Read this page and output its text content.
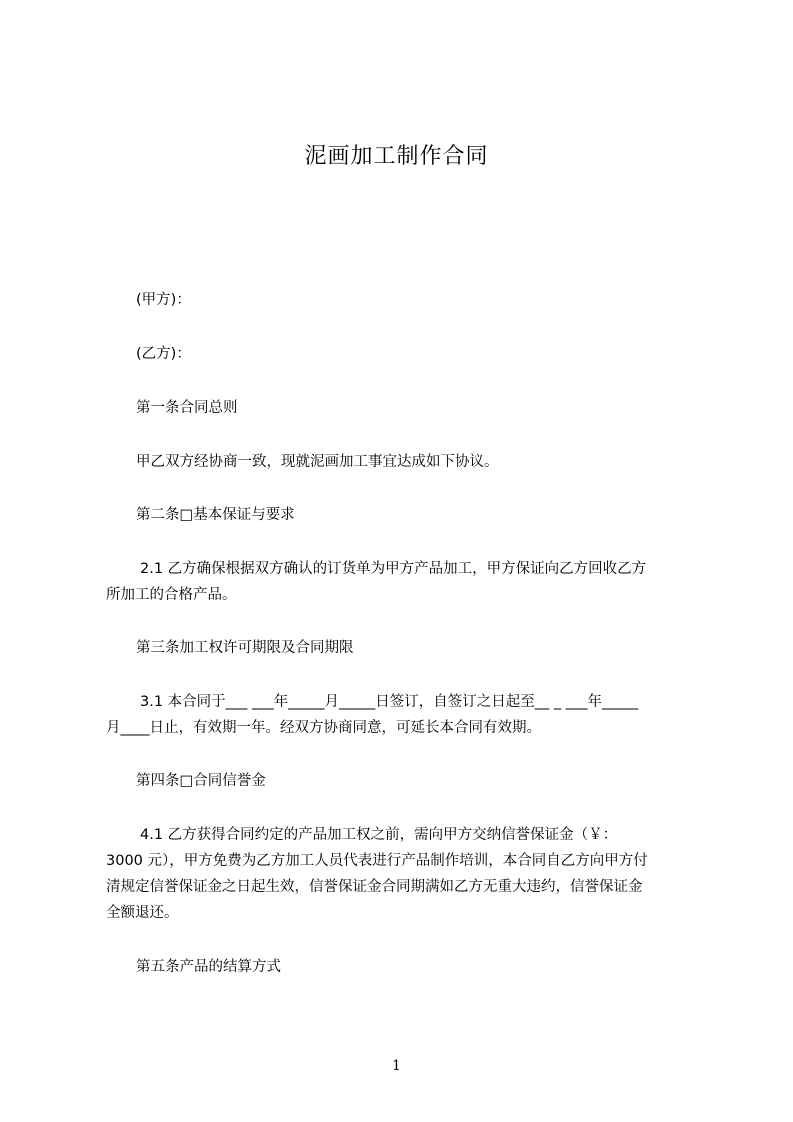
泥画加工制作合同
(甲方)：
(乙方)：
第一条合同总则
甲乙双方经协商一致，现就泥画加工事宜达成如下协议。
第二条□基本保证与要求
2.1 乙方确保根据双方确认的订货单为甲方产品加工，甲方保证向乙方回收乙方
所加工的合格产品。
第三条加工权许可期限及合同期限
3.1 本合同于___ ___年_____月_____日签订，自签订之日起至__ _ ___年_____
月____日止，有效期一年。经双方协商同意，可延长本合同有效期。
第四条□合同信誉金
4.1 乙方获得合同约定的产品加工权之前，需向甲方交纳信誉保证金（￥：
3000 元），甲方免费为乙方加工人员代表进行产品制作培训，本合同自乙方向甲方付
清规定信誉保证金之日起生效，信誉保证金合同期满如乙方无重大违约，信誉保证金
全额退还。
第五条产品的结算方式
1
